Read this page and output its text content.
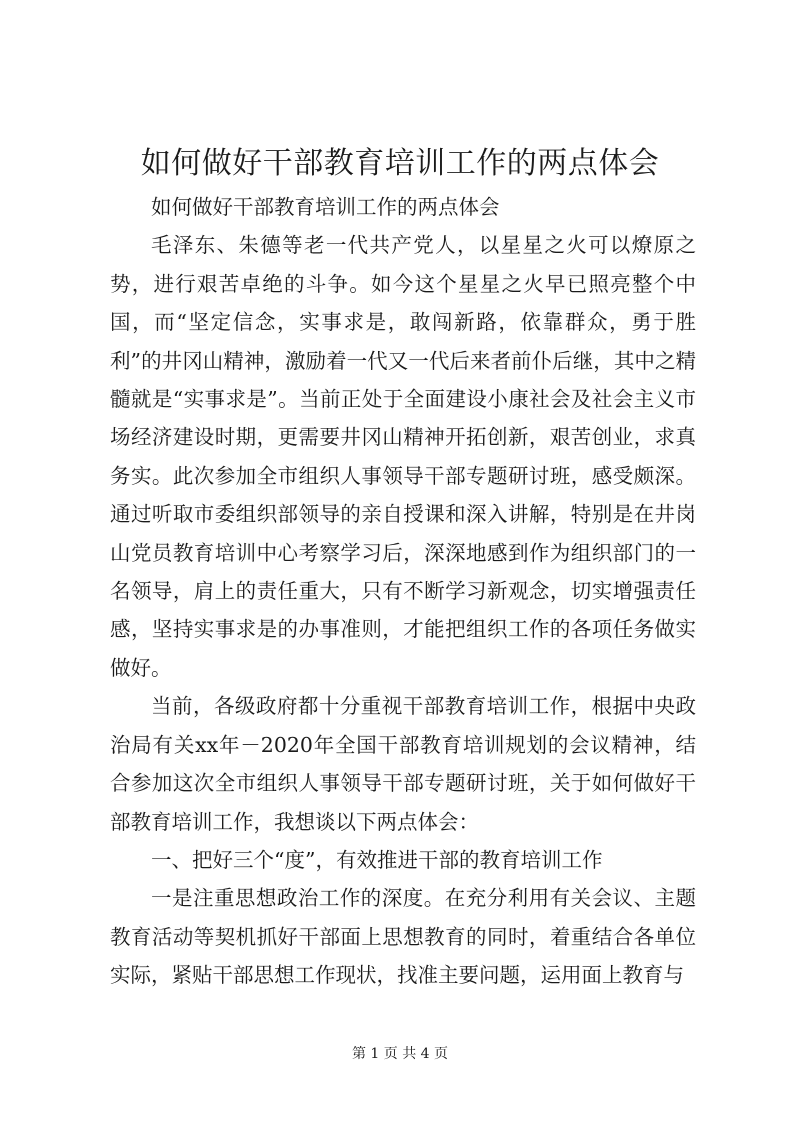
如何做好干部教育培训工作的两点体会

如何做好干部教育培训工作的两点体会

毛泽东、朱德等老一代共产党人，以星星之火可以燎原之势，进行艰苦卓绝的斗争。如今这个星星之火早已照亮整个中国，而“坚定信念，实事求是，敢闯新路，依靠群众，勇于胜利”的井冈山精神，激励着一代又一代后来者前仆后继，其中之精髓就是“实事求是”。当前正处于全面建设小康社会及社会主义市场经济建设时期，更需要井冈山精神开拓创新，艰苦创业，求真务实。此次参加全市组织人事领导干部专题研讨班，感受颇深。通过听取市委组织部领导的亲自授课和深入讲解，特别是在井岗山党员教育培训中心考察学习后，深深地感到作为组织部门的一名领导，肩上的责任重大，只有不断学习新观念，切实增强责任感，坚持实事求是的办事准则，才能把组织工作的各项任务做实做好。

当前，各级政府都十分重视干部教育培训工作，根据中央政治局有关xx年－2020年全国干部教育培训规划的会议精神，结合参加这次全市组织人事领导干部专题研讨班，关于如何做好干部教育培训工作，我想谈以下两点体会：

一、把好三个“度”，有效推进干部的教育培训工作

一是注重思想政治工作的深度。在充分利用有关会议、主题教育活动等契机抓好干部面上思想教育的同时，着重结合各单位实际，紧贴干部思想工作现状，找准主要问题，运用面上教育与

第 1 页 共 4 页
